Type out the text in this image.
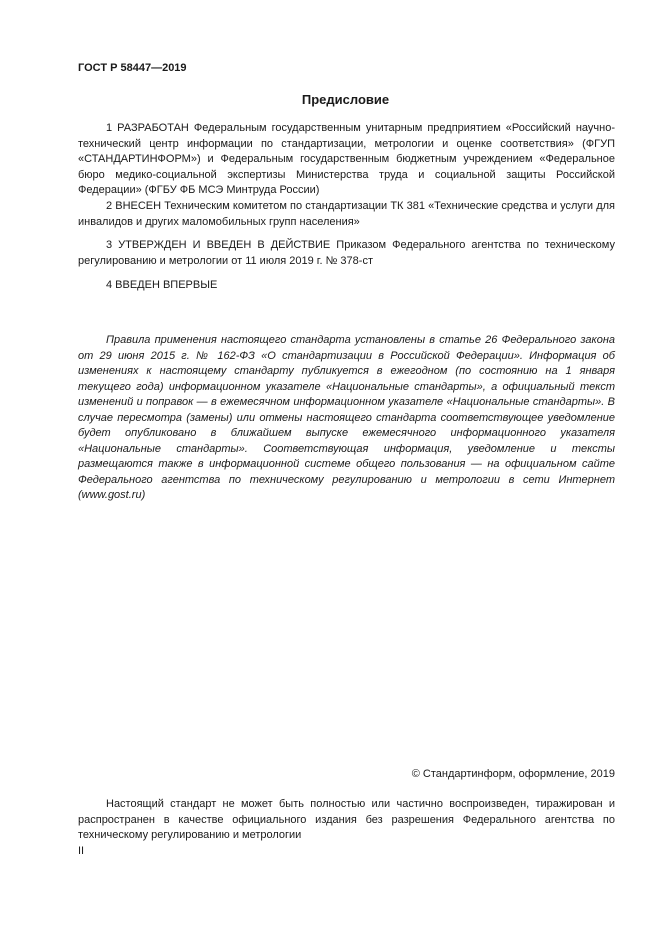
ГОСТ Р 58447—2019
Предисловие

1 РАЗРАБОТАН Федеральным государственным унитарным предприятием «Российский научно-технический центр информации по стандартизации, метрологии и оценке соответствия» (ФГУП «СТАНДАРТИНФОРМ») и Федеральным государственным бюджетным учреждением «Федеральное бюро медико-социальной экспертизы Министерства труда и социальной защиты Российской Федерации» (ФГБУ ФБ МСЭ Минтруда России)

2 ВНЕСЕН Техническим комитетом по стандартизации ТК 381 «Технические средства и услуги для инвалидов и других маломобильных групп населения»

3 УТВЕРЖДЕН И ВВЕДЕН В ДЕЙСТВИЕ Приказом Федерального агентства по техническому регулированию и метрологии от 11 июля 2019 г. № 378-ст

4 ВВЕДЕН ВПЕРВЫЕ

Правила применения настоящего стандарта установлены в статье 26 Федерального закона от 29 июня 2015 г. № 162-ФЗ «О стандартизации в Российской Федерации». Информация об изменениях к настоящему стандарту публикуется в ежегодном (по состоянию на 1 января текущего года) информационном указателе «Национальные стандарты», а официальный текст изменений и поправок — в ежемесячном информационном указателе «Национальные стандарты». В случае пересмотра (замены) или отмены настоящего стандарта соответствующее уведомление будет опубликовано в ближайшем выпуске ежемесячного информационного указателя «Национальные стандарты». Соответствующая информация, уведомление и тексты размещаются также в информационной системе общего пользования — на официальном сайте Федерального агентства по техническому регулированию и метрологии в сети Интернет (www.gost.ru)

© Стандартинформ, оформление, 2019

Настоящий стандарт не может быть полностью или частично воспроизведен, тиражирован и распространен в качестве официального издания без разрешения Федерального агентства по техническому регулированию и метрологии

II
